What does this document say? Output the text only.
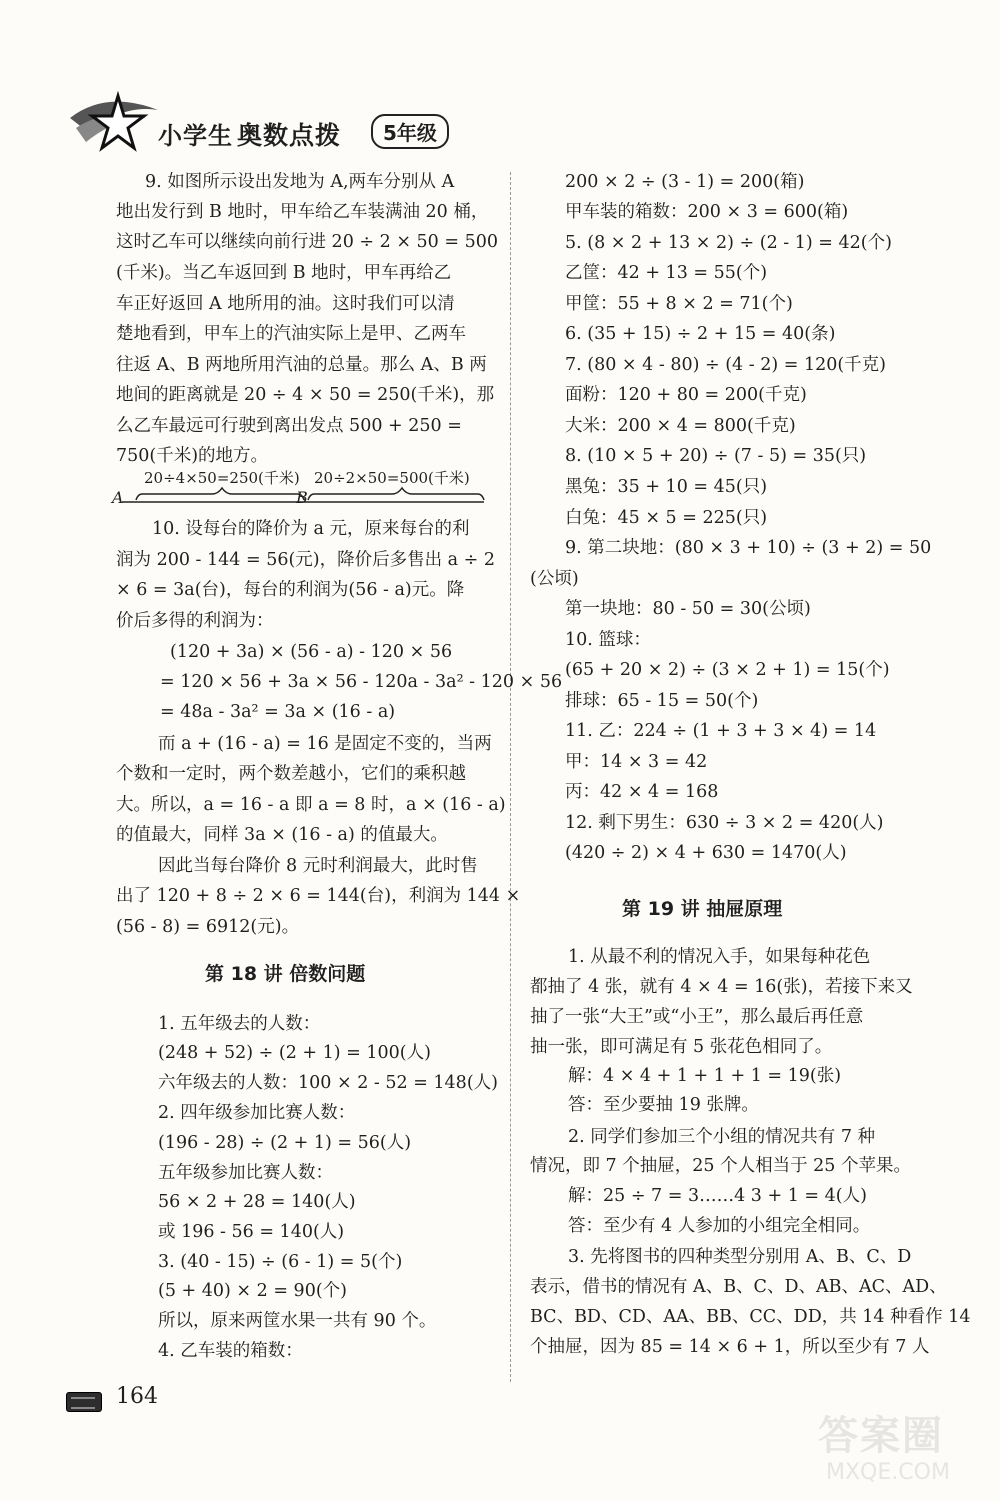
小学生 奥数点拨	5年级
9. 如图所示设出发地为 A,两车分别从 A
地出发行到 B 地时，甲车给乙车装满油 20 桶，
这时乙车可以继续向前行进 20 ÷ 2 × 50 = 500
(千米)。当乙车返回到 B 地时，甲车再给乙
车正好返回 A 地所用的油。这时我们可以清
楚地看到，甲车上的汽油实际上是甲、乙两车
往返 A、B 两地所用汽油的总量。那么 A、B 两
地间的距离就是 20 ÷ 4 × 50 = 250(千米)，那
么乙车最远可行驶到离出发点 500 + 250 =
750(千米)的地方。
A	B
20÷4×50=250(千米) 20÷2×50=500(千米)
10. 设每台的降价为 a 元，原来每台的利
润为 200 - 144 = 56(元)，降价后多售出 a ÷ 2
× 6 = 3a(台)，每台的利润为(56 - a)元。降
价后多得的利润为：
(120 + 3a) × (56 - a) - 120 × 56
= 120 × 56 + 3a × 56 - 120a - 3a² - 120 × 56
= 48a - 3a² = 3a × (16 - a)
而 a + (16 - a) = 16 是固定不变的，当两
个数和一定时，两个数差越小，它们的乘积越
大。所以，a = 16 - a 即 a = 8 时，a × (16 - a)
的值最大，同样 3a × (16 - a) 的值最大。
因此当每台降价 8 元时利润最大，此时售
出了 120 + 8 ÷ 2 × 6 = 144(台)，利润为 144 ×
(56 - 8) = 6912(元)。
第 18 讲 倍数问题
1. 五年级去的人数：
(248 + 52) ÷ (2 + 1) = 100(人)
六年级去的人数：100 × 2 - 52 = 148(人)
2. 四年级参加比赛人数：
(196 - 28) ÷ (2 + 1) = 56(人)
五年级参加比赛人数：
56 × 2 + 28 = 140(人)
或 196 - 56 = 140(人)
3. (40 - 15) ÷ (6 - 1) = 5(个)
(5 + 40) × 2 = 90(个)
所以，原来两筐水果一共有 90 个。
4. 乙车装的箱数：
200 × 2 ÷ (3 - 1) = 200(箱)
甲车装的箱数：200 × 3 = 600(箱)
5. (8 × 2 + 13 × 2) ÷ (2 - 1) = 42(个)
乙筐：42 + 13 = 55(个)
甲筐：55 + 8 × 2 = 71(个)
6. (35 + 15) ÷ 2 + 15 = 40(条)
7. (80 × 4 - 80) ÷ (4 - 2) = 120(千克)
面粉：120 + 80 = 200(千克)
大米：200 × 4 = 800(千克)
8. (10 × 5 + 20) ÷ (7 - 5) = 35(只)
黑兔：35 + 10 = 45(只)
白兔：45 × 5 = 225(只)
9. 第二块地：(80 × 3 + 10) ÷ (3 + 2) = 50
(公顷)
第一块地：80 - 50 = 30(公顷)
10. 篮球：
(65 + 20 × 2) ÷ (3 × 2 + 1) = 15(个)
排球：65 - 15 = 50(个)
11. 乙：224 ÷ (1 + 3 + 3 × 4) = 14
甲：14 × 3 = 42
丙：42 × 4 = 168
12. 剩下男生：630 ÷ 3 × 2 = 420(人)
(420 ÷ 2) × 4 + 630 = 1470(人)
第 19 讲 抽屉原理
1. 从最不利的情况入手，如果每种花色
都抽了 4 张，就有 4 × 4 = 16(张)，若接下来又
抽了一张“大王”或“小王”，那么最后再任意
抽一张，即可满足有 5 张花色相同了。
解：4 × 4 + 1 + 1 + 1 = 19(张)
答：至少要抽 19 张牌。
2. 同学们参加三个小组的情况共有 7 种
情况，即 7 个抽屉，25 个人相当于 25 个苹果。
解：25 ÷ 7 = 3……4 3 + 1 = 4(人)
答：至少有 4 人参加的小组完全相同。
3. 先将图书的四种类型分别用 A、B、C、D
表示，借书的情况有 A、B、C、D、AB、AC、AD、
BC、BD、CD、AA、BB、CC、DD，共 14 种看作 14
个抽屉，因为 85 = 14 × 6 + 1，所以至少有 7 人
164
答案圈
MXQE.COM
